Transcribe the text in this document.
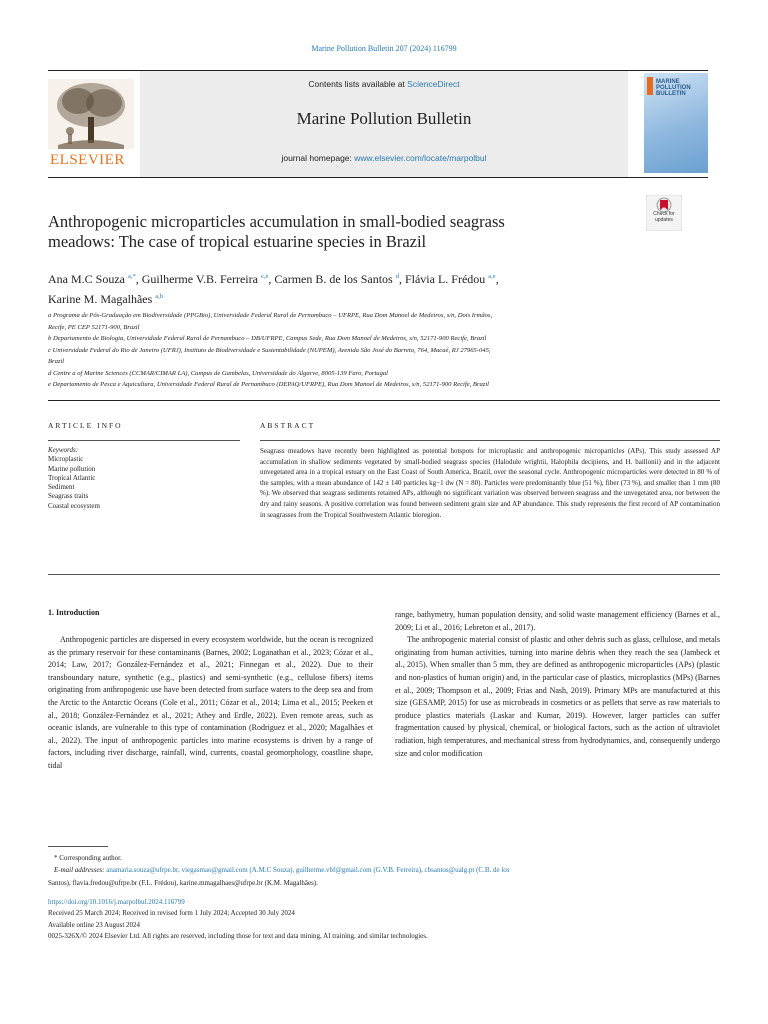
Marine Pollution Bulletin 207 (2024) 116799
ELSEVIER
Contents lists available at ScienceDirect
Marine Pollution Bulletin
journal homepage: www.elsevier.com/locate/marpolbul
MARINE POLLUTION BULLETIN
Check for updates
Anthropogenic microparticles accumulation in small-bodied seagrass
meadows: The case of tropical estuarine species in Brazil
Ana M.C Souza $^{a,*}$, Guilherme V.B. Ferreira $^{c,e}$, Carmen B. de los Santos $^d$, Flávia L. Frédou $^{a,e}$,
Karine M. Magalhães $^{a,b}$
a Programa de Pós-Graduação em Biodiversidade (PPGBio), Universidade Federal Rural de Pernambuco – UFRPE, Rua Dom Manoel de Medeiros, s/n, Dois Irmãos,
Recife, PE CEP 52171-900, Brazil
b Departamento de Biologia, Universidade Federal Rural de Pernambuco – DB/UFRPE, Campus Sede, Rua Dom Manoel de Medeiros, s/n, 52171-900 Recife, Brazil
c Universidade Federal do Rio de Janeiro (UFRJ), Instituto de Biodiversidade e Sustentabilidade (NUPEM), Avenida São José do Barreto, 764, Macaé, RJ 27965-045,
Brazil
d Centre a of Marine Sciences (CCMAR/CIMAR LA), Campus de Gambelas, Universidade do Algarve, 8005-139 Faro, Portugal
e Departamento de Pesca e Aquicultura, Universidade Federal Rural de Pernambuco (DEPAQ/UFRPE), Rua Dom Manoel de Medeiros, s/n, 52171-900 Recife, Brazil
ARTICLE INFO	ABSTRACT
Keywords:
Microplastic
Marine pollution
Tropical Atlantic
Sediment
Seagrass traits
Coastal ecosystem
Seagrass meadows have recently been highlighted as potential hotspots for microplastic and anthropogenic microparticles (APs). This study assessed AP accumulation in shallow sediments vegetated by small-bodied seagrass species (Halodule wrightii, Halophila decipiens, and H. baillonii) and in the adjacent unvegetated area in a tropical estuary on the East Coast of South America, Brazil, over the seasonal cycle. Anthropogenic microparticles were detected in 80 % of the samples, with a mean abundance of 142 ± 140 particles kg−1 dw (N = 80). Particles were predominantly blue (51 %), fiber (73 %), and smaller than 1 mm (80 %). We observed that seagrass sediments retained APs, although no significant variation was observed between seagrass and the unvegetated area, nor between the dry and rainy seasons. A positive correlation was found between sediment grain size and AP abundance. This study represents the first record of AP contamination in seagrasses from the Tropical Southwestern Atlantic bioregion.
1. Introduction

Anthropogenic particles are dispersed in every ecosystem worldwide, but the ocean is recognized as the primary reservoir for these contaminants (Barnes, 2002; Loganathan et al., 2023; Cózar et al., 2014; Law, 2017; González-Fernández et al., 2021; Finnegan et al., 2022). Due to their transboundary nature, synthetic (e.g., plastics) and semi-synthetic (e.g., cellulose fibers) items originating from anthropogenic use have been detected from surface waters to the deep sea and from the Arctic to the Antarctic Oceans (Cole et al., 2011; Cózar et al., 2014; Lima et al., 2015; Peeken et al., 2018; González-Fernández et al., 2021; Athey and Erdle, 2022). Even remote areas, such as oceanic islands, are vulnerable to this type of contamination (Rodriguez et al., 2020; Magalhães et al., 2022). The input of anthropogenic particles into marine ecosystems is driven by a range of factors, including river discharge, rainfall, wind, currents, coastal geomorphology, coastline shape, tidal

range, bathymetry, human population density, and solid waste management efficiency (Barnes et al., 2009; Li et al., 2016; Lebreton et al., 2017).

The anthropogenic material consist of plastic and other debris such as glass, cellulose, and metals originating from human activities, turning into marine debris when they reach the sea (Jambeck et al., 2015). When smaller than 5 mm, they are defined as anthropogenic microparticles (APs) (plastic and non-plastics of human origin) and, in the particular case of plastics, microplastics (MPs) (Barnes et al., 2009; Thompson et al., 2009; Frias and Nash, 2019). Primary MPs are manufactured at this size (GESAMP, 2015) for use as microbeads in cosmetics or as pellets that serve as raw materials to produce plastics materials (Laskar and Kumar, 2019). However, larger particles can suffer fragmentation caused by physical, chemical, or biological factors, such as the action of ultraviolet radiation, high temperatures, and mechanical stress from hydrodynamics, and, consequently undergo size and color modification

* Corresponding author.
E-mail addresses: anamaria.souza@ufrpe.br, viegasmao@gmail.com (A.M.C Souza), guilherme.vbf@gmail.com (G.V.B. Ferreira), cbsantos@ualg.pt (C.B. de los
Santos), flavia.fredou@ufrpe.br (F.L. Frédou), karine.mmagalhaes@ufrpe.br (K.M. Magalhães).
https://doi.org/10.1016/j.marpolbul.2024.116799
Received 25 March 2024; Received in revised form 1 July 2024; Accepted 30 July 2024
Available online 23 August 2024
0025-326X/© 2024 Elsevier Ltd. All rights are reserved, including those for text and data mining, AI training, and similar technologies.
